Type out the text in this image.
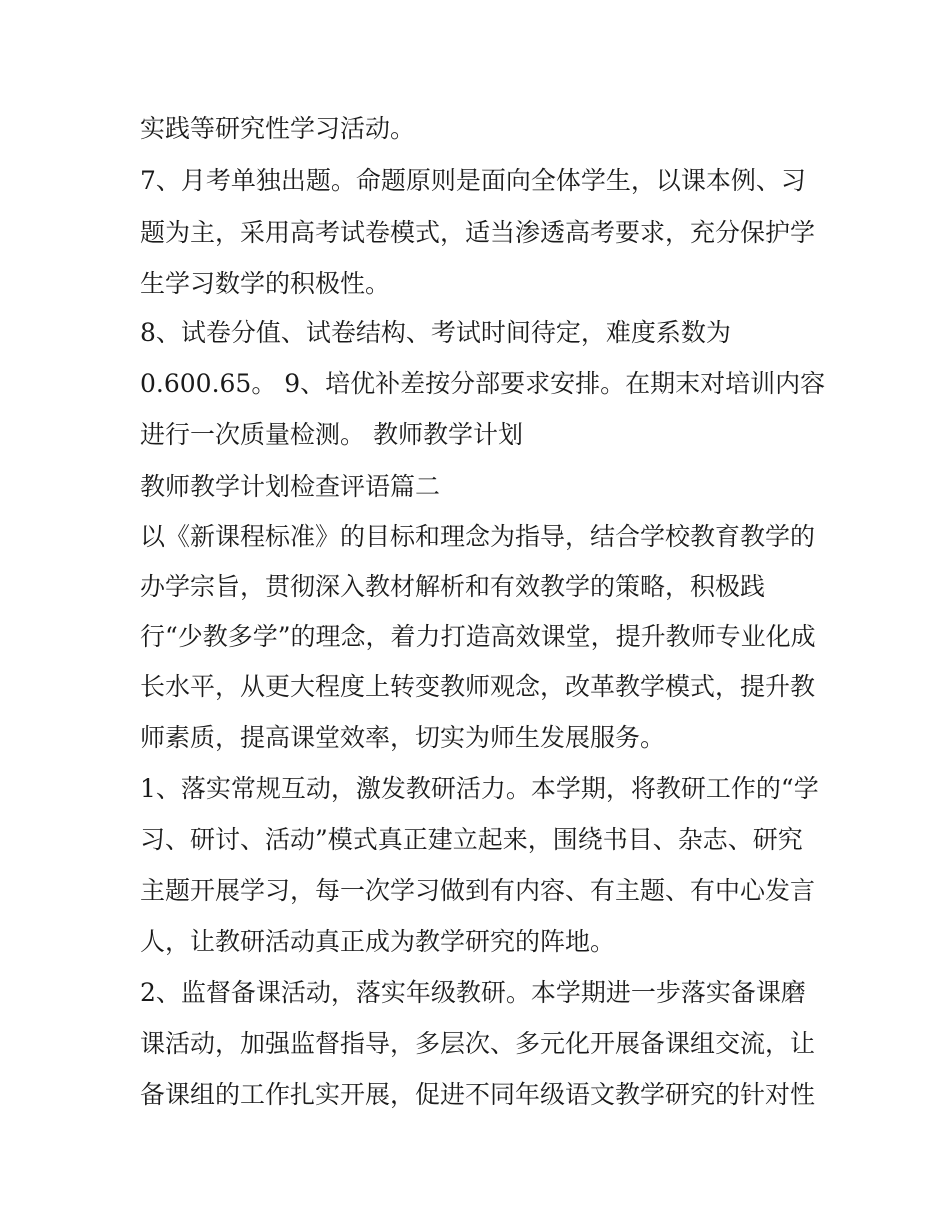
实践等研究性学习活动。
7、月考单独出题。命题原则是面向全体学生，以课本例、习
题为主，采用高考试卷模式，适当渗透高考要求，充分保护学
生学习数学的积极性。
8、试卷分值、试卷结构、考试时间待定，难度系数为
0.600.65。 9、培优补差按分部要求安排。在期末对培训内容
进行一次质量检测。 教师教学计划
教师教学计划检查评语篇二
以《新课程标准》的目标和理念为指导，结合学校教育教学的
办学宗旨，贯彻深入教材解析和有效教学的策略，积极践
行“少教多学”的理念，着力打造高效课堂，提升教师专业化成
长水平，从更大程度上转变教师观念，改革教学模式，提升教
师素质，提高课堂效率，切实为师生发展服务。
1、落实常规互动，激发教研活力。本学期，将教研工作的“学
习、研讨、活动”模式真正建立起来，围绕书目、杂志、研究
主题开展学习，每一次学习做到有内容、有主题、有中心发言
人，让教研活动真正成为教学研究的阵地。
2、监督备课活动，落实年级教研。本学期进一步落实备课磨
课活动，加强监督指导，多层次、多元化开展备课组交流，让
备课组的工作扎实开展，促进不同年级语文教学研究的针对性
